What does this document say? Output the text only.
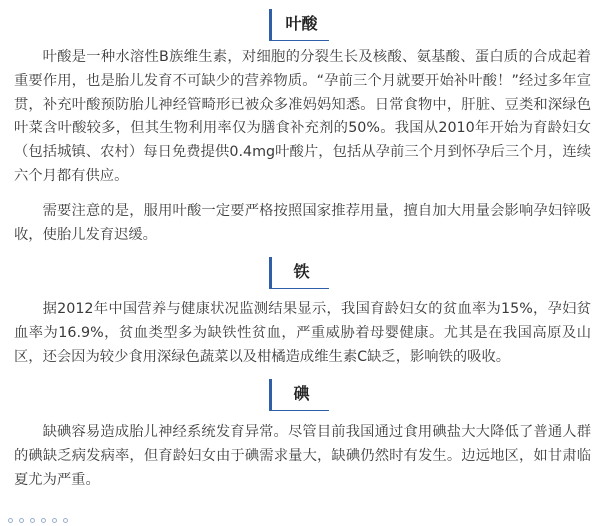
叶酸

叶酸是一种水溶性B族维生素，对细胞的分裂生长及核酸、氨基酸、蛋白质的合成起着重要作用，也是胎儿发育不可缺少的营养物质。“孕前三个月就要开始补叶酸！”经过多年宣贯，补充叶酸预防胎儿神经管畸形已被众多准妈妈知悉。日常食物中，肝脏、豆类和深绿色叶菜含叶酸较多，但其生物利用率仅为膳食补充剂的50%。我国从2010年开始为育龄妇女（包括城镇、农村）每日免费提供0.4mg叶酸片，包括从孕前三个月到怀孕后三个月，连续六个月都有供应。

需要注意的是，服用叶酸一定要严格按照国家推荐用量，擅自加大用量会影响孕妇锌吸收，使胎儿发育迟缓。

铁

据2012年中国营养与健康状况监测结果显示，我国育龄妇女的贫血率为15%，孕妇贫血率为16.9%，贫血类型多为缺铁性贫血，严重威胁着母婴健康。尤其是在我国高原及山区，还会因为较少食用深绿色蔬菜以及柑橘造成维生素C缺乏，影响铁的吸收。

碘

缺碘容易造成胎儿神经系统发育异常。尽管目前我国通过食用碘盐大大降低了普通人群的碘缺乏病发病率，但育龄妇女由于碘需求量大，缺碘仍然时有发生。边远地区，如甘肃临夏尤为严重。
